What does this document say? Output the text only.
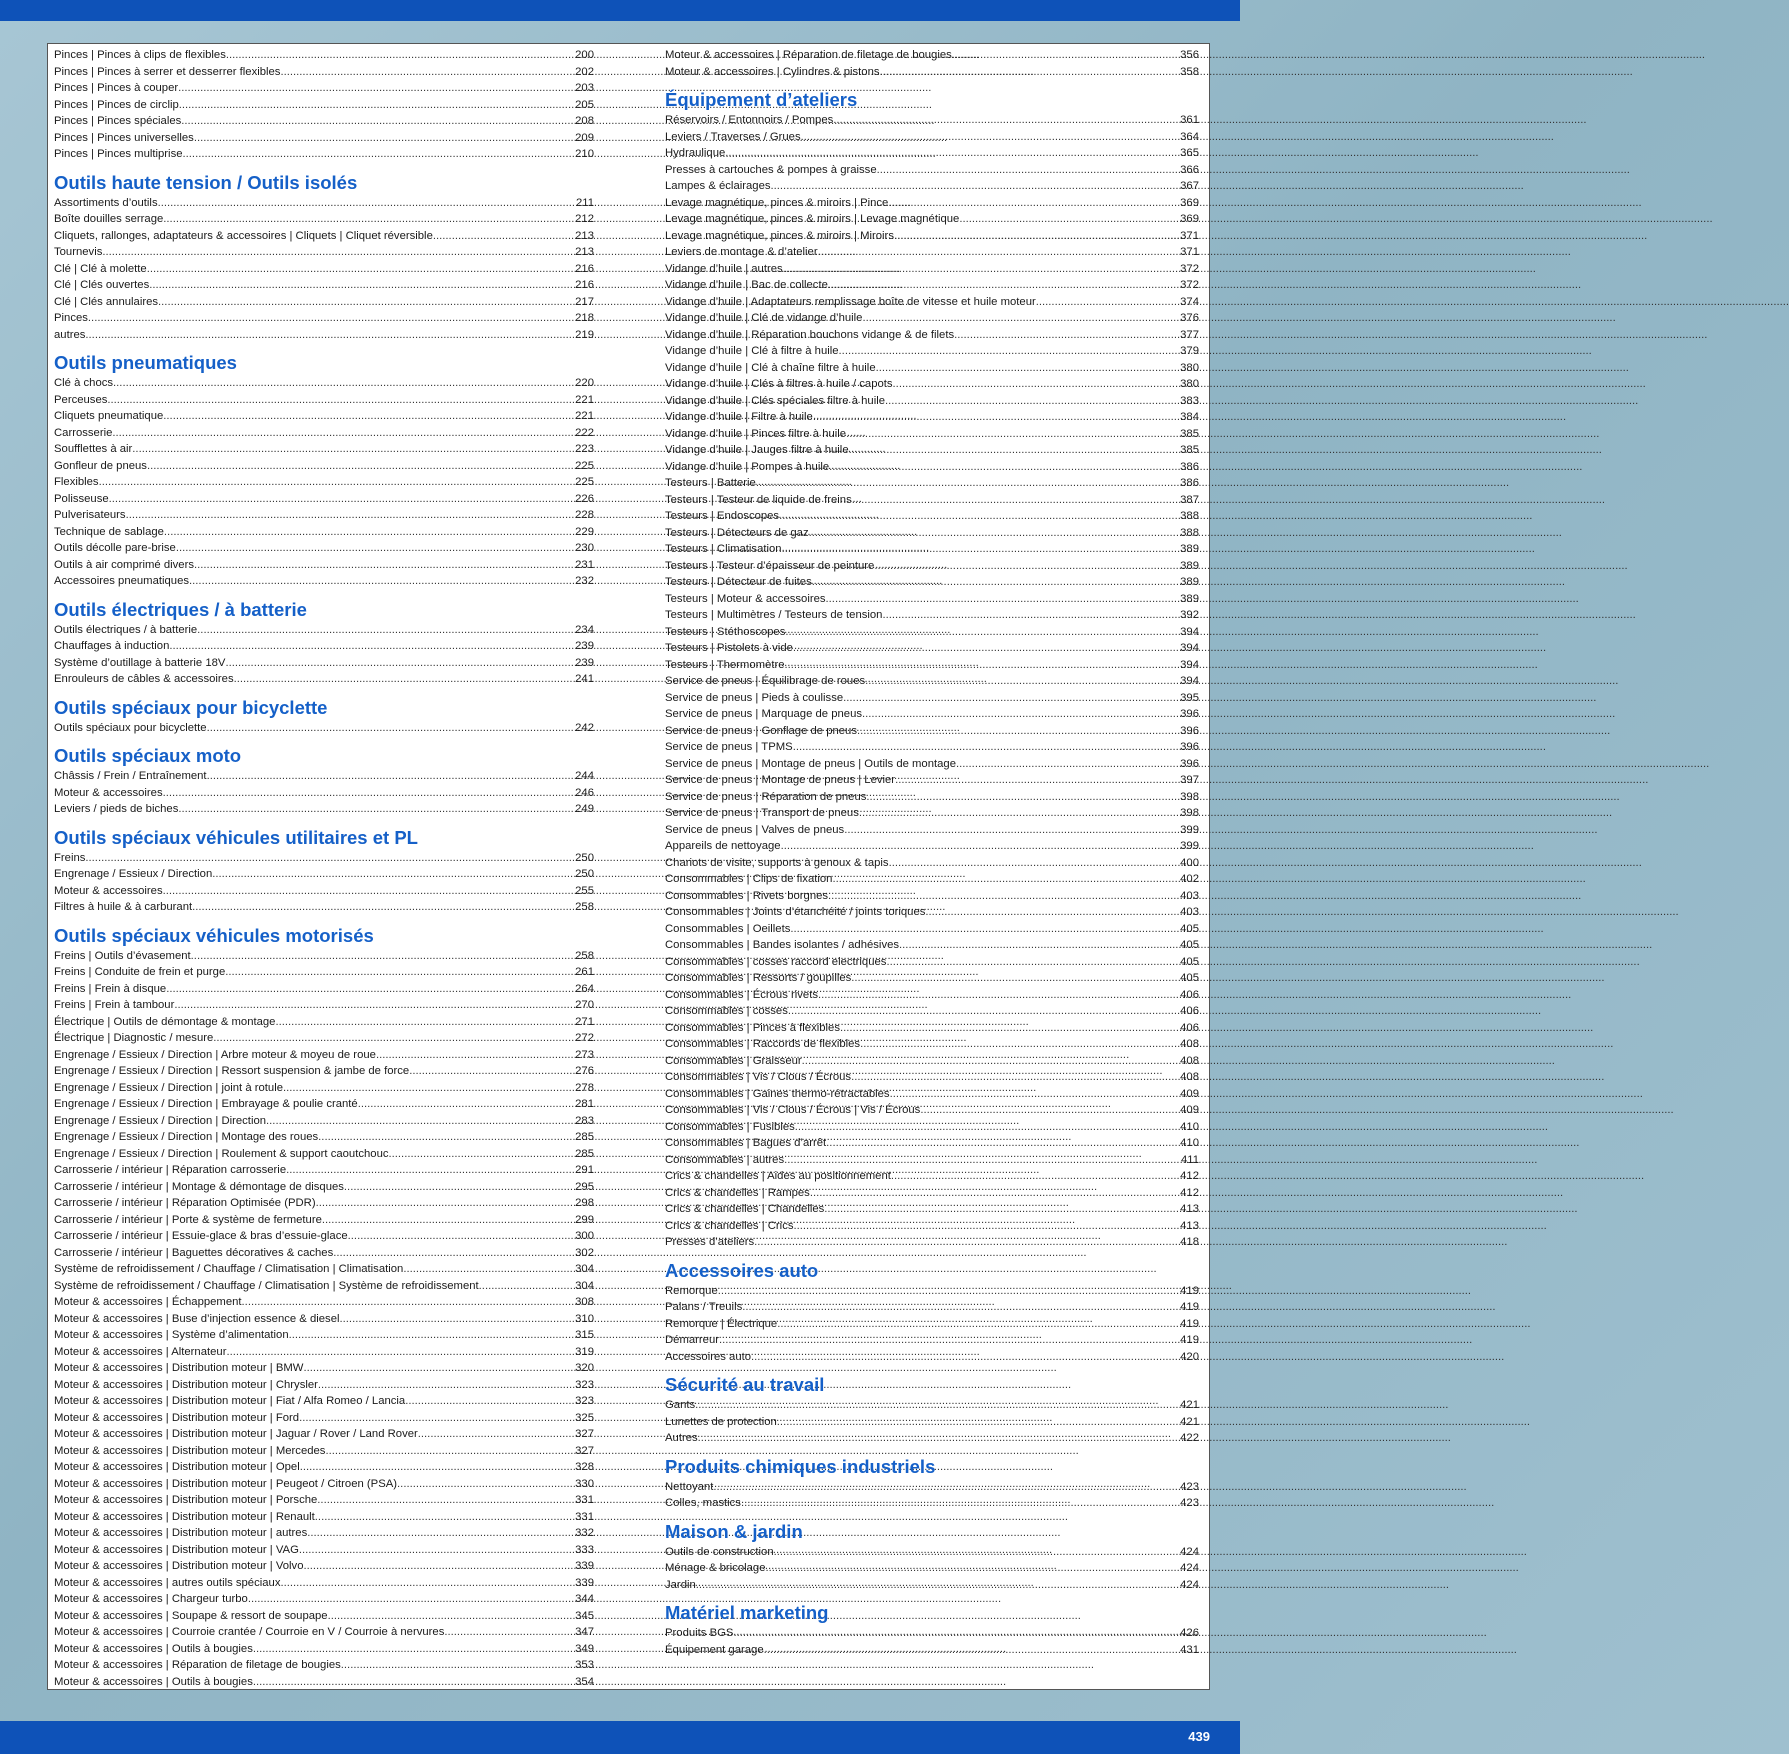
Pinces | Pinces à clips de flexibles .....	200
Pinces | Pinces à serrer et desserrer flexibles .....	202
Pinces | Pinces à couper .....	203
Pinces | Pinces de circlip .....	205
Pinces | Pinces spéciales .....	208
Pinces | Pinces universelles .....	209
Pinces | Pinces multiprise .....	210
Outils haute tension / Outils isolés
Assortiments d’outils .....	211
Boîte douilles serrage .....	212
Cliquets, rallonges, adaptateurs & accessoires | Cliquets | Cliquet réversible .....	213
Tournevis .....	213
Clé | Clé à molette .....	216
Clé | Clés ouvertes .....	216
Clé | Clés annulaires .....	217
Pinces .....	218
autres .....	219
Outils pneumatiques
Clé à chocs .....	220
Perceuses .....	221
Cliquets pneumatique .....	221
Carrosserie .....	222
Soufflettes à air .....	223
Gonfleur de pneus .....	225
Flexibles .....	225
Polisseuse .....	226
Pulverisateurs .....	228
Technique de sablage .....	229
Outils décolle pare-brise .....	230
Outils à air comprimé divers .....	231
Accessoires pneumatiques .....	232
Outils électriques / à batterie
Outils électriques / à batterie .....	234
Chauffages à induction .....	239
Système d’outillage à batterie 18V .....	239
Enrouleurs de câbles & accessoires .....	241
Outils spéciaux pour bicyclette
Outils spéciaux pour bicyclette .....	242
Outils spéciaux moto
Châssis / Frein / Entraînement .....	244
Moteur & accessoires .....	246
Leviers / pieds de biches .....	249
Outils spéciaux véhicules utilitaires et PL
Freins .....	250
Engrenage / Essieux / Direction .....	250
Moteur & accessoires .....	255
Filtres à huile & à carburant .....	258
Outils spéciaux véhicules motorisés
Freins | Outils d’évasement .....	258
Freins | Conduite de frein et purge .....	261
Freins | Frein à disque .....	264
Freins | Frein à tambour .....	270
Électrique | Outils de démontage & montage .....	271
Électrique | Diagnostic / mesure .....	272
Engrenage / Essieux / Direction | Arbre moteur & moyeu de roue .....	273
Engrenage / Essieux / Direction | Ressort suspension & jambe de force .....	276
Engrenage / Essieux / Direction | joint à rotule .....	278
Engrenage / Essieux / Direction | Embrayage & poulie cranté .....	281
Engrenage / Essieux / Direction | Direction .....	283
Engrenage / Essieux / Direction | Montage des roues .....	285
Engrenage / Essieux / Direction | Roulement & support caoutchouc .....	285
Carrosserie / intérieur | Réparation carrosserie .....	291
Carrosserie / intérieur | Montage & démontage de disques .....	295
Carrosserie / intérieur | Réparation Optimisée (PDR) .....	298
Carrosserie / intérieur | Porte & système de fermeture .....	299
Carrosserie / intérieur | Essuie-glace & bras d’essuie-glace .....	300
Carrosserie / intérieur | Baguettes décoratives & caches .....	302
Système de refroidissement / Chauffage / Climatisation | Climatisation .....	304
Système de refroidissement / Chauffage / Climatisation | Système de refroidissement .....	304
Moteur & accessoires | Échappement .....	308
Moteur & accessoires | Buse d’injection essence & diesel .....	310
Moteur & accessoires | Système d’alimentation .....	315
Moteur & accessoires | Alternateur .....	319
Moteur & accessoires | Distribution moteur | BMW .....	320
Moteur & accessoires | Distribution moteur | Chrysler .....	323
Moteur & accessoires | Distribution moteur | Fiat / Alfa Romeo / Lancia .....	323
Moteur & accessoires | Distribution moteur | Ford .....	325
Moteur & accessoires | Distribution moteur | Jaguar / Rover / Land Rover .....	327
Moteur & accessoires | Distribution moteur | Mercedes .....	327
Moteur & accessoires | Distribution moteur | Opel .....	328
Moteur & accessoires | Distribution moteur | Peugeot / Citroen (PSA) .....	330
Moteur & accessoires | Distribution moteur | Porsche .....	331
Moteur & accessoires | Distribution moteur | Renault .....	331
Moteur & accessoires | Distribution moteur | autres .....	332
Moteur & accessoires | Distribution moteur | VAG .....	333
Moteur & accessoires | Distribution moteur | Volvo .....	339
Moteur & accessoires | autres outils spéciaux .....	339
Moteur & accessoires | Chargeur turbo .....	344
Moteur & accessoires | Soupape & ressort de soupape .....	345
Moteur & accessoires | Courroie crantée / Courroie en V / Courroie à nervures .....	347
Moteur & accessoires | Outils à bougies .....	349
Moteur & accessoires | Réparation de filetage de bougies .....	353
Moteur & accessoires | Outils à bougies .....	354
Moteur & accessoires | Réparation de filetage de bougies .....	356
Moteur & accessoires | Cylindres & pistons .....	358
Équipement d’ateliers
Réservoirs / Entonnoirs / Pompes .....	361
Leviers / Traverses / Grues .....	364
Hydraulique .....	365
Presses à cartouches & pompes à graisse .....	366
Lampes & éclairages .....	367
Levage magnétique, pinces & miroirs | Pince .....	369
Levage magnétique, pinces & miroirs | Levage magnétique .....	369
Levage magnétique, pinces & miroirs | Miroirs .....	371
Leviers de montage & d’atelier .....	371
Vidange d’huile | autres .....	372
Vidange d’huile | Bac de collecte .....	372
Vidange d’huile | Adaptateurs remplissage boîte de vitesse et huile moteur .....	374
Vidange d’huile | Clé de vidange d’huile .....	376
Vidange d’huile | Réparation bouchons vidange & de filets .....	377
Vidange d’huile | Clé à filtre à huile .....	379
Vidange d’huile | Clé à chaîne filtre à huile .....	380
Vidange d’huile | Clés à filtres à huile / capots .....	380
Vidange d’huile | Clés spéciales filtre à huile .....	383
Vidange d’huile | Filtre à huile .....	384
Vidange d’huile | Pinces filtre à huile .....	385
Vidange d’huile | Jauges filtre à huile .....	385
Vidange d’huile | Pompes à huile .....	386
Testeurs | Batterie .....	386
Testeurs | Testeur de liquide de freins .....	387
Testeurs | Endoscopes .....	388
Testeurs | Détecteurs de gaz .....	388
Testeurs | Climatisation .....	389
Testeurs | Testeur d’épaisseur de peinture .....	389
Testeurs | Détecteur de fuites .....	389
Testeurs | Moteur & accessoires .....	389
Testeurs | Multimètres / Testeurs de tension .....	392
Testeurs | Stéthoscopes .....	394
Testeurs | Pistolets à vide .....	394
Testeurs | Thermomètre .....	394
Service de pneus | Équilibrage de roues .....	394
Service de pneus | Pieds à coulisse .....	395
Service de pneus | Marquage de pneus .....	396
Service de pneus | Gonflage de pneus .....	396
Service de pneus | TPMS .....	396
Service de pneus | Montage de pneus | Outils de montage .....	396
Service de pneus | Montage de pneus | Levier .....	397
Service de pneus | Réparation de pneus .....	398
Service de pneus | Transport de pneus .....	398
Service de pneus | Valves de pneus .....	399
Appareils de nettoyage .....	399
Chariots de visite, supports à genoux & tapis .....	400
Consommables | Clips de fixation .....	402
Consommables | Rivets borgnes .....	403
Consommables | Joints d’étanchéité / joints toriques .....	403
Consommables | Oeillets .....	405
Consommables | Bandes isolantes / adhésives .....	405
Consommables | cosses raccord electriques .....	405
Consommables | Ressorts / goupilles .....	405
Consommables | Écrous rivets .....	406
Consommables | cosses .....	406
Consommables | Pinces à flexibles .....	406
Consommables | Raccords de flexibles .....	408
Consommables | Graisseur .....	408
Consommables | Vis / Clous / Écrous .....	408
Consommables | Gaines thermo-rétractables .....	409
Consommables | Vis / Clous / Écrous | Vis / Écrous .....	409
Consommables | Fusibles .....	410
Consommables | Bagues d’arrêt .....	410
Consommables | autres .....	411
Crics & chandelles | Aides au positionnement .....	412
Crics & chandelles | Rampes .....	412
Crics & chandelles | Chandelles .....	413
Crics & chandelles | Crics .....	413
Presses d’ateliers .....	418
Accessoires auto
Remorque .....	419
Palans / Treuils .....	419
Remorque | Électrique .....	419
Démarreur .....	419
Accessoires auto .....	420
Sécurité au travail
Gants .....	421
Lunettes de protection .....	421
Autres .....	422
Produits chimiques industriels
Nettoyant .....	423
Colles, mastics .....	423
Maison & jardin
Outils de construction .....	424
Ménage & bricolage .....	424
Jardin .....	424
Matériel marketing
Produits BGS .....	426
Équipement garage .....	431
439
